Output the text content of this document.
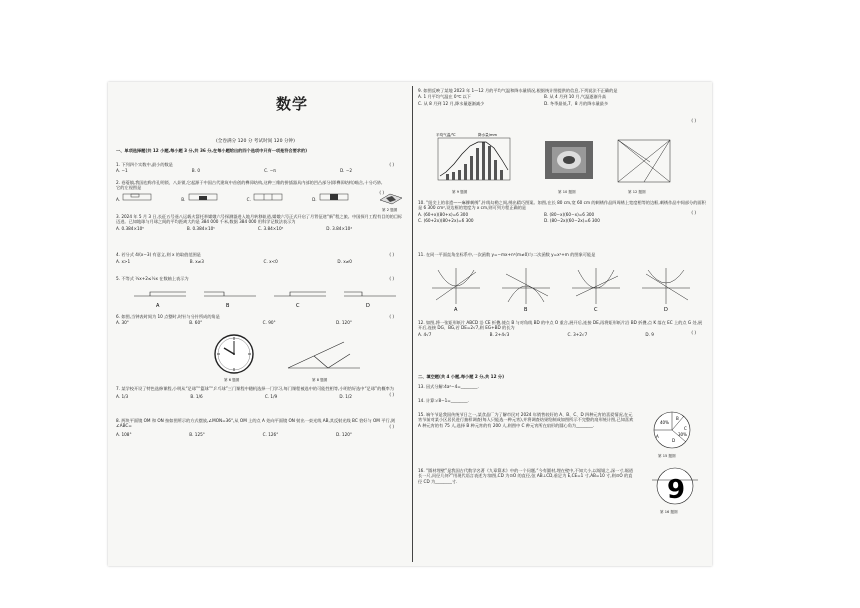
数学
(全卷满分 120 分 考试时间 120 分钟)
一、单项选择题(共 12 小题,每小题 3 分,共 36 分,在每小题给出的四个选项中只有一项是符合要求的)
1. 下列四个实数中,最小的数是
A. −1	B. 0	C. −π	D. −2
( )
2. 卷菱镇,我国也称作孔明锁、八卦锁,它起源于中国古代建筑中首创的榫卯结构,这种三维的拼插器具内部的凹凸部分(即榫卯结构)啮合,十分巧妙,它的左视图是
A.	B.	C.	D.
( )
第 2 题图
3. 2024 年 5 月 3 日,长征五号遥八运载火箭托举嫦娥六号探测器进入地月转移轨道,嫦娥六号正式开启了月背征途“新”程之旅。中国探月工程有目的的目标迈进。已知地球与月球之间的平均距离大约是 384 000 千米,数据 384 000 用科学记数法表示为
A. 0.384×10⁶	B. 0.384×10⁵	C. 3.84×10⁵	D. 3.84×10⁴
4. 若分式 4/(x−3) 有意义,则 x 的取值范围是
A. x>1	B. x≠3	C. x<0	D. x≠0
( )
5. 不等式 ½x+2≤½x 在数轴上表示为	( )
A	B	C	D
6. 如图,当钟表时间为 10 点整时,时针与分针所成的角是
A. 30°	B. 60°	C. 90°	D. 120°
( )
第 6 题图	第 8 题图
7. 某学校开设了特色选修课程,小明从“足球”“篮球”“乒乓球”三门课程中随机选择一门学习,每门课程被选中的可能性相等,小明恰好选中“足球”的概率为
A. 1/3	B. 1/6	C. 1/9	D. 1/2	( )
8. 两块平面镜 OM 和 ON 按如图所示的方式摆放,∠MON=36°,从 OM 上的点 A 处向平面镜 ON 射出一束光线 AB,其反射光线 BC 恰好与 OM 平行,则∠ABC=
A. 108°	B. 125°	C. 126°	D. 120°
( )
9. 如图反映了某地 2023 年 1—12 月的平均气温和降水量情况,根据统计图提供的信息,下列说法不正确的是
A. 1 月平均气温在 0℃ 以下	B. 从 4 月到 10 月,气温逐渐升高
C. 从 8 月到 12 月,降水量逐渐减少	D. 冬季最低,7、8 月的降水量最多
( )
平均气温/℃	降水量/mm
第 9 题图	第 10 题图	第 12 题图
10. “纽尖上的非遗——麻柳刺绣”,针线勾勒之间,绣出精巧图案。如图,在长 80 cm,宽 60 cm 的刺绣作品四周绣上宽度相等的边框,刺绣作品中间部分的面积是 6 300 cm²,设边框的宽度为 x cm,则可列方程正确的是
A. (60+x)(80+x)=6 300	B. (80−x)(60−x)=6 300
C. (60+2x)(80+2x)=6 300	D. (80−2x)(60−2x)=6 300
( )
11. 在同一平面直角坐标系中,一次函数 y=−mx+n²(m≠0)与二次函数 y=x²+m 的图象可能是
A	B	C	D
12. 如图,将一张矩形纸片 ABCD 沿 CE 折叠,使点 B 与对角线 BD 的中点 O 重合,展开后,连接 DE,再将矩形纸片沿 BD 折叠,点 K 落在 EC 上的点 G 处,展开后,连接 DG、BG,若 DE=2√7,则 EG+BD 的长为
A. 4√7	B. 2+4√3	C. 3+2√7	D. 9	( )
二、填空题(共 4 小题,每小题 2 分,共 12 分)
13. 因式分解:4a²−4=________.
14. 计算:√8−1=________.
15. 端午节是我国传统节日之一,某食品厂为了解市民对 2024 年销售较好的 A、B、C、D 四种元宵的喜爱情况,在元宵节前对某小区居民进行抽样调查(每人只能选一种元宵),并将调查结果绘制成如图所示不完整的扇形统计图,已知喜欢 A 种元宵的有 75 人,选择 B 种元宵的有 200 人,则图中 C 种元宵所在扇形的圆心角为________.
B
40%
A
D
30%
C
第 15 题图
16. “圆材埋壁”是我国古代数学名著《九章算术》中的一个问题,“今有圆材,埋在壁中,不知大小,以锯锯之,深一寸,锯道长一尺,问径几何?”用现代语言表述为:如图,CD 为⊙O 的直径,弦 AB⊥CD,垂足为 E,CE=1 寸,AB=10 寸,则⊙O 的直径 CD 为________寸.	9
第 16 题图
